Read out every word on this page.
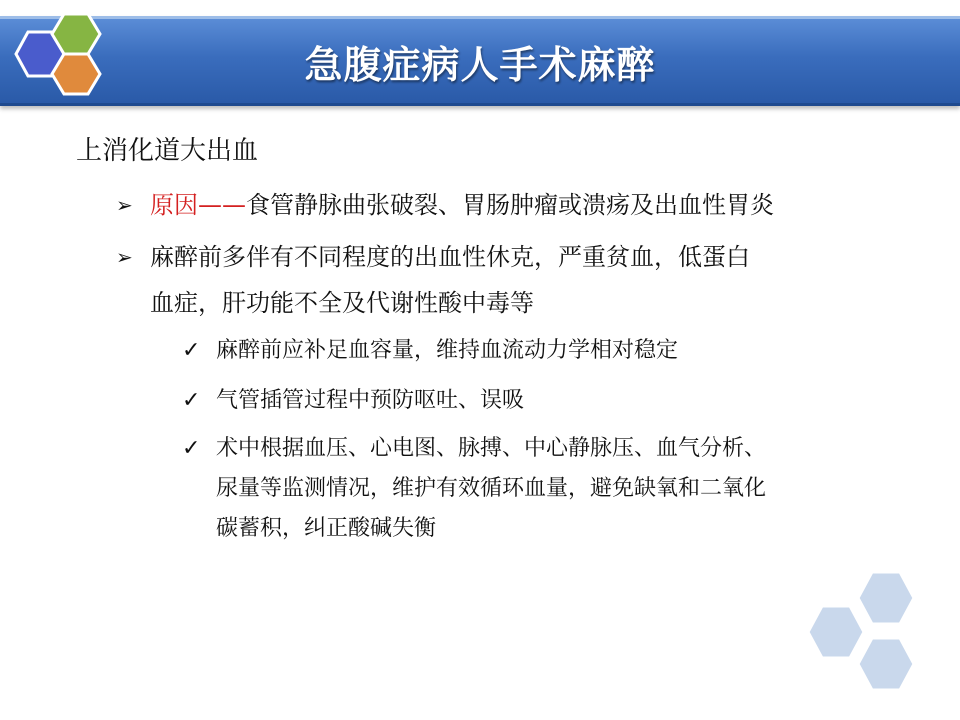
急腹症病人手术麻醉
上消化道大出血
➢ 原因——食管静脉曲张破裂、胃肠肿瘤或溃疡及出血性胃炎
➢ 麻醉前多伴有不同程度的出血性休克，严重贫血，低蛋白
血症，肝功能不全及代谢性酸中毒等
✓ 麻醉前应补足血容量，维持血流动力学相对稳定
✓ 气管插管过程中预防呕吐、误吸
✓ 术中根据血压、心电图、脉搏、中心静脉压、血气分析、
尿量等监测情况，维护有效循环血量，避免缺氧和二氧化
碳蓄积，纠正酸碱失衡
